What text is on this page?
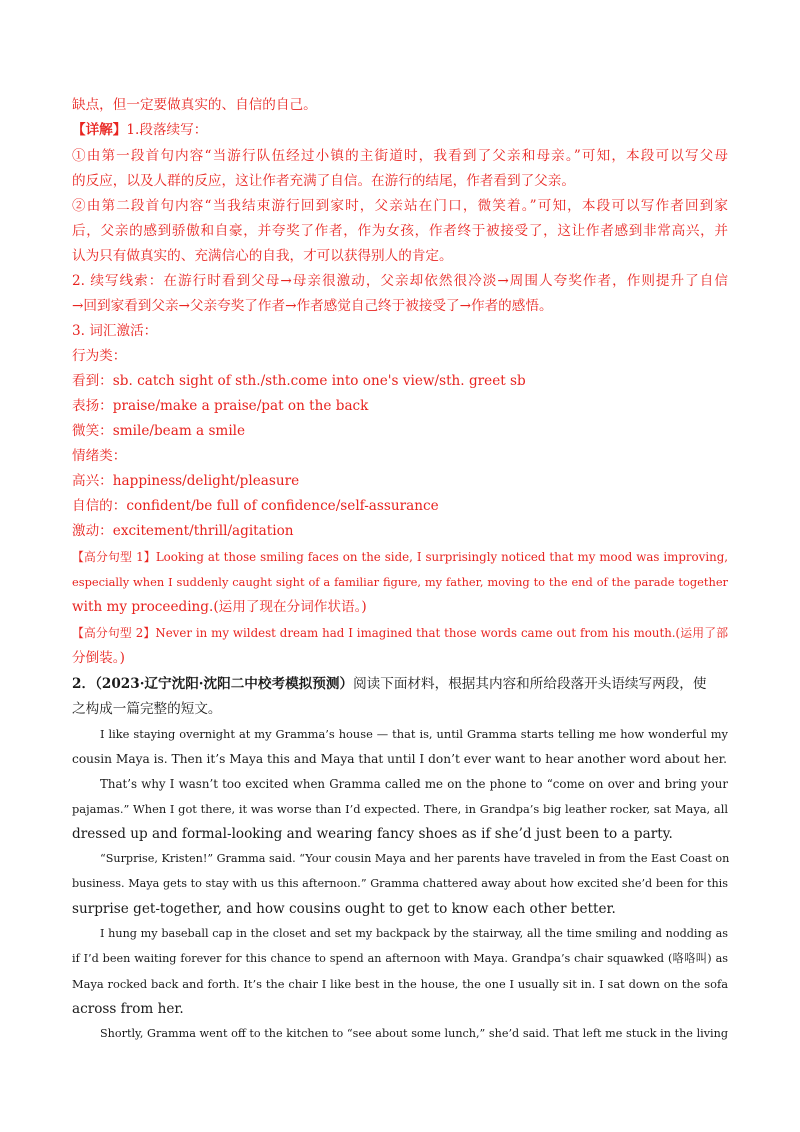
缺点，但一定要做真实的、自信的自己。
【详解】1.段落续写：
①由第一段首句内容“当游行队伍经过小镇的主街道时，我看到了父亲和母亲。”可知，本段可以写父母
的反应，以及人群的反应，这让作者充满了自信。在游行的结尾，作者看到了父亲。
②由第二段首句内容“当我结束游行回到家时，父亲站在门口，微笑着。”可知，本段可以写作者回到家
后，父亲的感到骄傲和自豪，并夸奖了作者，作为女孩，作者终于被接受了，这让作者感到非常高兴，并
认为只有做真实的、充满信心的自我，才可以获得别人的肯定。
2. 续写线索：在游行时看到父母→母亲很激动，父亲却依然很冷淡→周围人夸奖作者，作则提升了自信
→回到家看到父亲→父亲夸奖了作者→作者感觉自己终于被接受了→作者的感悟。
3. 词汇激活：
行为类：
看到：sb. catch sight of sth./sth.come into one's view/sth. greet sb
表扬：praise/make a praise/pat on the back
微笑：smile/beam a smile
情绪类：
高兴：happiness/delight/pleasure
自信的：confident/be full of confidence/self-assurance
激动：excitement/thrill/agitation
【高分句型 1】Looking at those smiling faces on the side, I surprisingly noticed that my mood was improving,
especially when I suddenly caught sight of a familiar figure, my father, moving to the end of the parade together
with my proceeding.(运用了现在分词作状语。)
【高分句型 2】Never in my wildest dream had I imagined that those words came out from his mouth.(运用了部
分倒装。)
2．（2023·辽宁沈阳·沈阳二中校考模拟预测）阅读下面材料，根据其内容和所给段落开头语续写两段，使
之构成一篇完整的短文。
I like staying overnight at my Gramma’s house — that is, until Gramma starts telling me how wonderful my
cousin Maya is. Then it’s Maya this and Maya that until I don’t ever want to hear another word about her.
That’s why I wasn’t too excited when Gramma called me on the phone to “come on over and bring your
pajamas.” When I got there, it was worse than I’d expected. There, in Grandpa’s big leather rocker, sat Maya, all
dressed up and formal-looking and wearing fancy shoes as if she’d just been to a party.
“Surprise, Kristen!” Gramma said. “Your cousin Maya and her parents have traveled in from the East Coast on
business. Maya gets to stay with us this afternoon.” Gramma chattered away about how excited she’d been for this
surprise get-together, and how cousins ought to get to know each other better.
I hung my baseball cap in the closet and set my backpack by the stairway, all the time smiling and nodding as
if I’d been waiting forever for this chance to spend an afternoon with Maya. Grandpa’s chair squawked (咯咯叫) as
Maya rocked back and forth. It’s the chair I like best in the house, the one I usually sit in. I sat down on the sofa
across from her.
Shortly, Gramma went off to the kitchen to “see about some lunch,” she’d said. That left me stuck in the living
